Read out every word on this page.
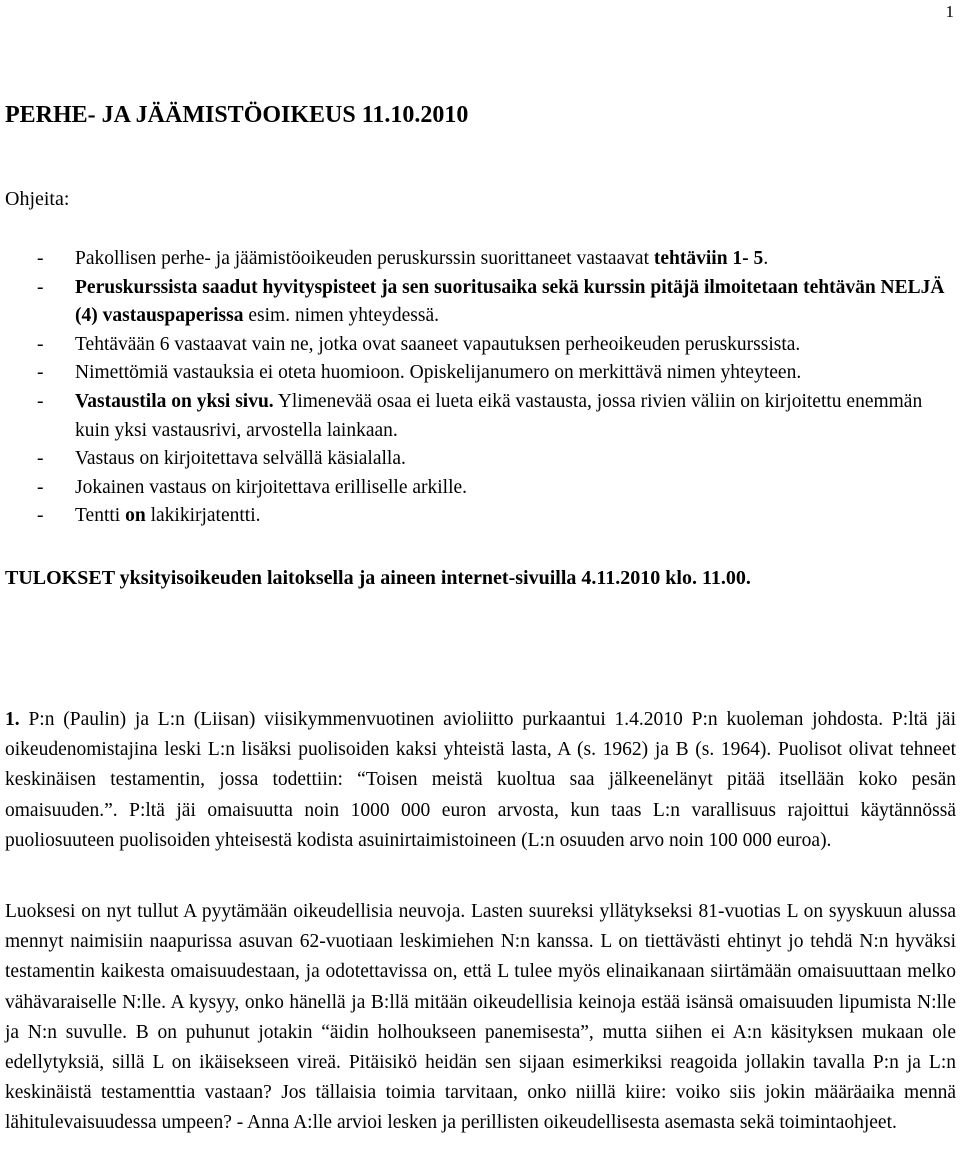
1
PERHE- JA JÄÄMISTÖOIKEUS 11.10.2010

Ohjeita:

- Pakollisen perhe- ja jäämistöoikeuden peruskurssin suorittaneet vastaavat tehtäviin 1- 5.
- Peruskurssista saadut hyvityspisteet ja sen suoritusaika sekä kurssin pitäjä ilmoitetaan tehtävän NELJÄ (4) vastauspaperissa esim. nimen yhteydessä.
- Tehtävään 6 vastaavat vain ne, jotka ovat saaneet vapautuksen perheoikeuden peruskurssista.
- Nimettömiä vastauksia ei oteta huomioon. Opiskelijanumero on merkittävä nimen yhteyteen.
- Vastaustila on yksi sivu. Ylimenevää osaa ei lueta eikä vastausta, jossa rivien väliin on kirjoitettu enemmän kuin yksi vastausrivi, arvostella lainkaan.
- Vastaus on kirjoitettava selvällä käsialalla.
- Jokainen vastaus on kirjoitettava erilliselle arkille.
- Tentti on lakikirjatentti.

TULOKSET yksityisoikeuden laitoksella ja aineen internet-sivuilla 4.11.2010 klo. 11.00.

1. P:n (Paulin) ja L:n (Liisan) viisikymmenvuotinen avioliitto purkaantui 1.4.2010 P:n kuoleman johdosta. P:ltä jäi oikeudenomistajina leski L:n lisäksi puolisoiden kaksi yhteistä lasta, A (s. 1962) ja B (s. 1964). Puolisot olivat tehneet keskinäisen testamentin, jossa todettiin: “Toisen meistä kuoltua saa jälkeenelänyt pitää itsellään koko pesän omaisuuden.”. P:ltä jäi omaisuutta noin 1000 000 euron arvosta, kun taas L:n varallisuus rajoittui käytännössä puoliosuuteen puolisoiden yhteisestä kodista asuinirtaimistoineen (L:n osuuden arvo noin 100 000 euroa).

Luoksesi on nyt tullut A pyytämään oikeudellisia neuvoja. Lasten suureksi yllätykseksi 81-vuotias L on syyskuun alussa mennyt naimisiin naapurissa asuvan 62-vuotiaan leskimiehen N:n kanssa. L on tiettävästi ehtinyt jo tehdä N:n hyväksi testamentin kaikesta omaisuudestaan, ja odotettavissa on, että L tulee myös elinaikanaan siirtämään omaisuuttaan melko vähävaraiselle N:lle. A kysyy, onko hänellä ja B:llä mitään oikeudellisia keinoja estää isänsä omaisuuden lipumista N:lle ja N:n suvulle. B on puhunut jotakin “äidin holhoukseen panemisesta”, mutta siihen ei A:n käsityksen mukaan ole edellytyksiä, sillä L on ikäisekseen vireä. Pitäisikö heidän sen sijaan esimerkiksi reagoida jollakin tavalla P:n ja L:n keskinäistä testamenttia vastaan? Jos tällaisia toimia tarvitaan, onko niillä kiire: voiko siis jokin määräaika mennä lähitulevaisuudessa umpeen? - Anna A:lle arvioi lesken ja perillisten oikeudellisesta asemasta sekä toimintaohjeet.
